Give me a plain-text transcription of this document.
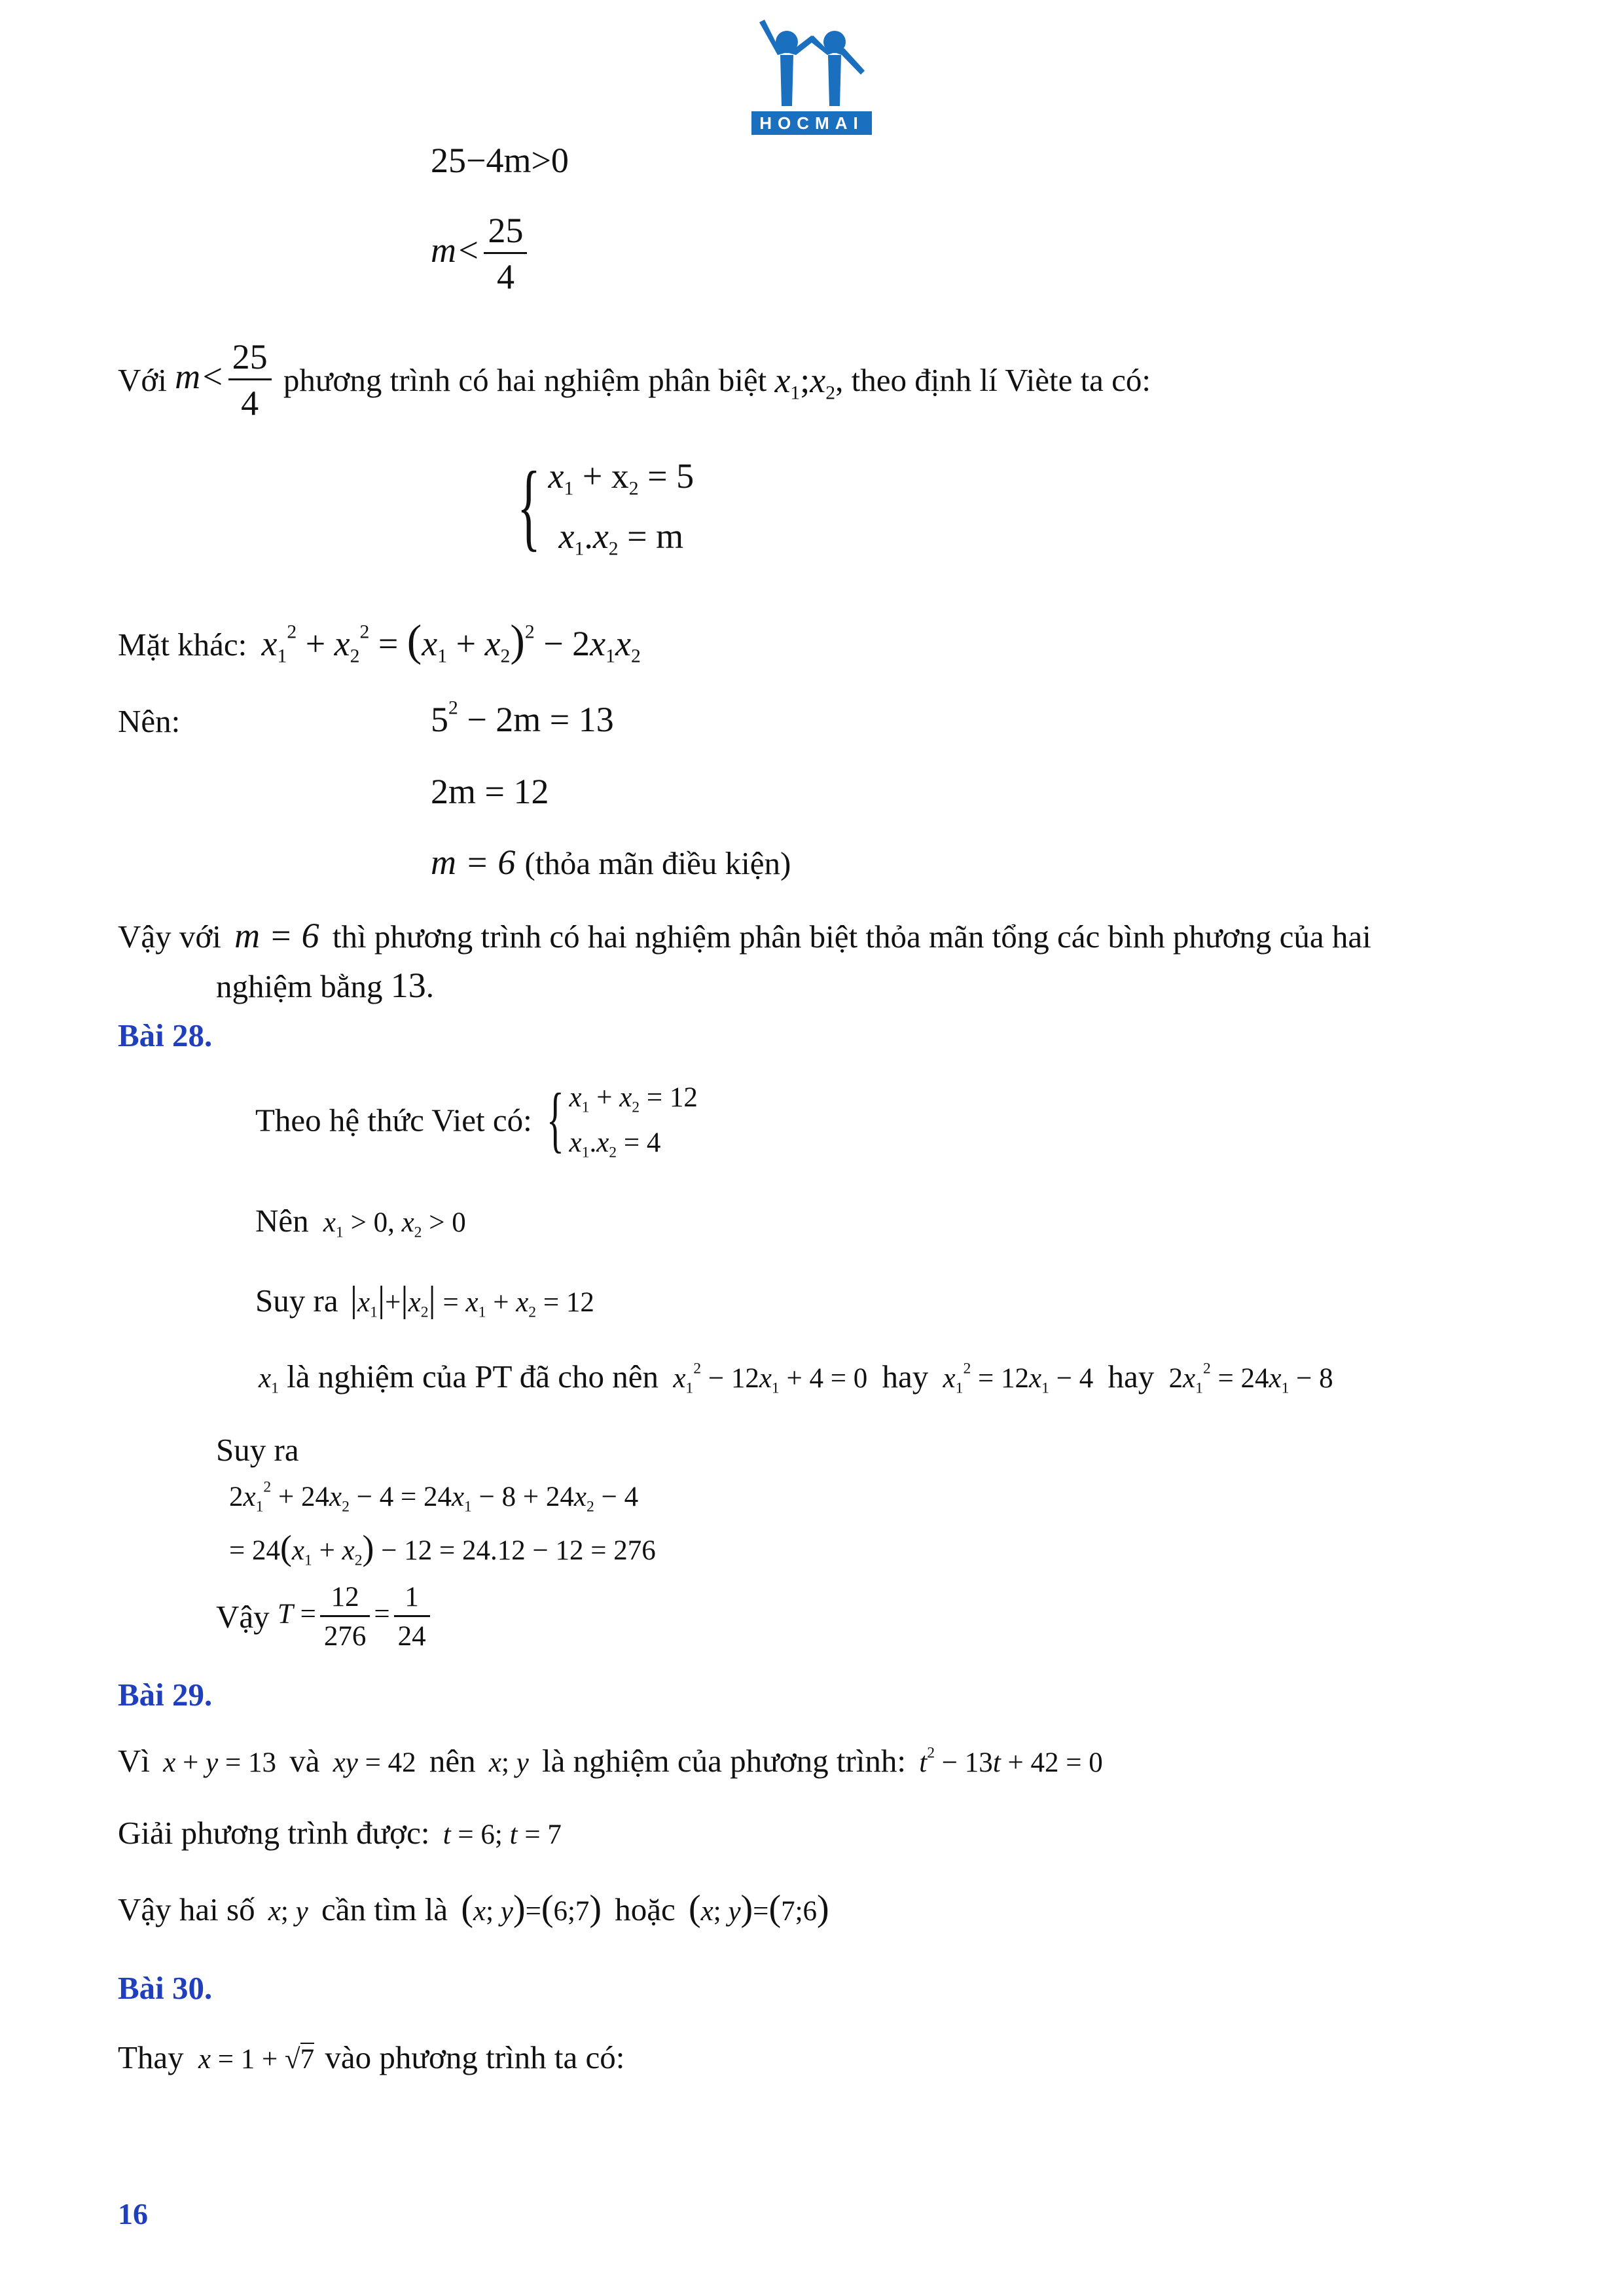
HOCMAI
25−4m>0
$m< \frac{25}{4}$
Với $m< \frac{25}{4}$ phương trình có hai nghiệm phân biệt $x_1;x_2$, theo định lí Viète ta có:
{ $x_1 + x_2 = 5$
$x_1.x_2 = m$
Mặt khác: $x_1^2 + x_2^2 = (x_1 + x_2)^2 - 2x_1x_2$
Nên:	$5^2 - 2m = 13$
2m = 12
m = 6 (thỏa mãn điều kiện)
Vậy với m = 6 thì phương trình có hai nghiệm phân biệt thỏa mãn tổng các bình phương của hai
nghiệm bằng 13.
Bài 28.
Theo hệ thức Viet có: { $x_1 + x_2 = 12$
$x_1.x_2 = 4$
Nên $x_1 > 0$, $x_2 > 0$
Suy ra $|x_1|+|x_2| = x_1 + x_2 = 12$
$x_1$ là nghiệm của PT đã cho nên $x_1^2 - 12x_1 + 4 = 0$ hay $x_1^2 = 12x_1 - 4$ hay $2x_1^2 = 24x_1 - 8$
Suy ra
$2x_1^2 + 24x_2 - 4 = 24x_1 - 8 + 24x_2 - 4$
= $24(x_1 + x_2) - 12 = 24.12 - 12 = 276$
Vậy $T = \frac{12}{276} = \frac{1}{24}$
Bài 29.
Vì x + y = 13 và xy = 42 nên x; y là nghiệm của phương trình: $t^2 - 13t + 42 = 0$
Giải phương trình được: t = 6; t = 7
Vậy hai số x; y cần tìm là (x; y)=(6;7) hoặc (x; y)=(7;6)
Bài 30.
Thay x = 1 + √7 vào phương trình ta có:
16
